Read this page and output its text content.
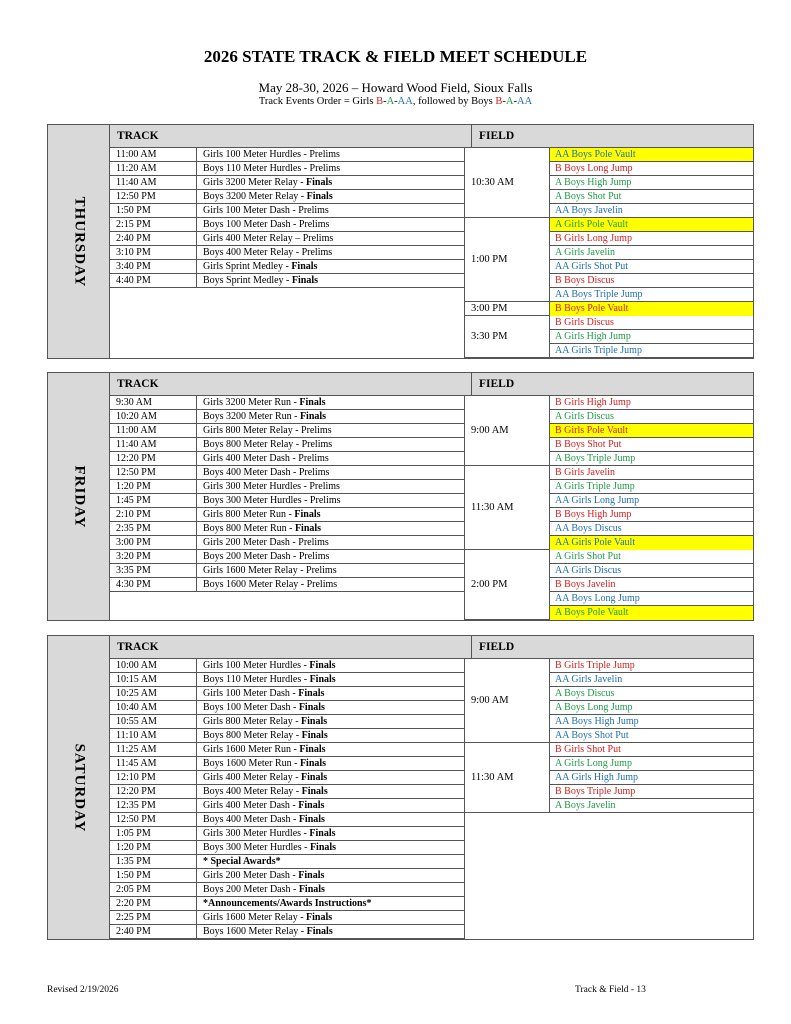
2026 STATE TRACK & FIELD MEET SCHEDULE
May 28-30, 2026 – Howard Wood Field, Sioux Falls
Track Events Order = Girls B-A-AA, followed by Boys B-A-AA
THURSDAY
TRACK	FIELD
11:00 AM	Girls 100 Meter Hurdles - Prelims
11:20 AM	Boys 110 Meter Hurdles - Prelims
11:40 AM	Girls 3200 Meter Relay - Finals
12:50 PM	Boys 3200 Meter Relay - Finals
1:50 PM	Girls 100 Meter Dash - Prelims
2:15 PM	Boys 100 Meter Dash - Prelims
2:40 PM	Girls 400 Meter Relay – Prelims
3:10 PM	Boys 400 Meter Relay - Prelims
3:40 PM	Girls Sprint Medley - Finals
4:40 PM	Boys Sprint Medley - Finals
10:30 AM
AA Boys Pole Vault
B Boys Long Jump
A Boys High Jump
A Boys Shot Put
AA Boys Javelin
1:00 PM
A Girls Pole Vault
B Girls Long Jump
A Girls Javelin
AA Girls Shot Put
B Boys Discus
AA Boys Triple Jump
3:00 PM	B Boys Pole Vault
3:30 PM
B Girls Discus
A Girls High Jump
AA Girls Triple Jump
FRIDAY
TRACK	FIELD
9:30 AM	Girls 3200 Meter Run - Finals
10:20 AM	Boys 3200 Meter Run - Finals
11:00 AM	Girls 800 Meter Relay - Prelims
11:40 AM	Boys 800 Meter Relay - Prelims
12:20 PM	Girls 400 Meter Dash - Prelims
12:50 PM	Boys 400 Meter Dash - Prelims
1:20 PM	Girls 300 Meter Hurdles - Prelims
1:45 PM	Boys 300 Meter Hurdles - Prelims
2:10 PM	Girls 800 Meter Run - Finals
2:35 PM	Boys 800 Meter Run - Finals
3:00 PM	Girls 200 Meter Dash - Prelims
3:20 PM	Boys 200 Meter Dash - Prelims
3:35 PM	Girls 1600 Meter Relay - Prelims
4:30 PM	Boys 1600 Meter Relay - Prelims
9:00 AM
B Girls High Jump
A Girls Discus
B Girls Pole Vault
B Boys Shot Put
A Boys Triple Jump
11:30 AM
B Girls Javelin
A Girls Triple Jump
AA Girls Long Jump
B Boys High Jump
AA Boys Discus
AA Girls Pole Vault
2:00 PM
A Girls Shot Put
AA Girls Discus
B Boys Javelin
AA Boys Long Jump
A Boys Pole Vault
SATURDAY
TRACK	FIELD
10:00 AM	Girls 100 Meter Hurdles - Finals
10:15 AM	Boys 110 Meter Hurdles - Finals
10:25 AM	Girls 100 Meter Dash - Finals
10:40 AM	Boys 100 Meter Dash - Finals
10:55 AM	Girls 800 Meter Relay - Finals
11:10 AM	Boys 800 Meter Relay - Finals
11:25 AM	Girls 1600 Meter Run - Finals
11:45 AM	Boys 1600 Meter Run - Finals
12:10 PM	Girls 400 Meter Relay - Finals
12:20 PM	Boys 400 Meter Relay - Finals
12:35 PM	Girls 400 Meter Dash - Finals
12:50 PM	Boys 400 Meter Dash - Finals
1:05 PM	Girls 300 Meter Hurdles - Finals
1:20 PM	Boys 300 Meter Hurdles - Finals
1:35 PM	* Special Awards*
1:50 PM	Girls 200 Meter Dash - Finals
2:05 PM	Boys 200 Meter Dash - Finals
2:20 PM	*Announcements/Awards Instructions*
2:25 PM	Girls 1600 Meter Relay - Finals
2:40 PM	Boys 1600 Meter Relay - Finals
9:00 AM
B Girls Triple Jump
AA Girls Javelin
A Boys Discus
A Boys Long Jump
AA Boys High Jump
AA Boys Shot Put
11:30 AM
B Girls Shot Put
A Girls Long Jump
AA Girls High Jump
B Boys Triple Jump
A Boys Javelin
Revised 2/19/2026	Track & Field - 13
